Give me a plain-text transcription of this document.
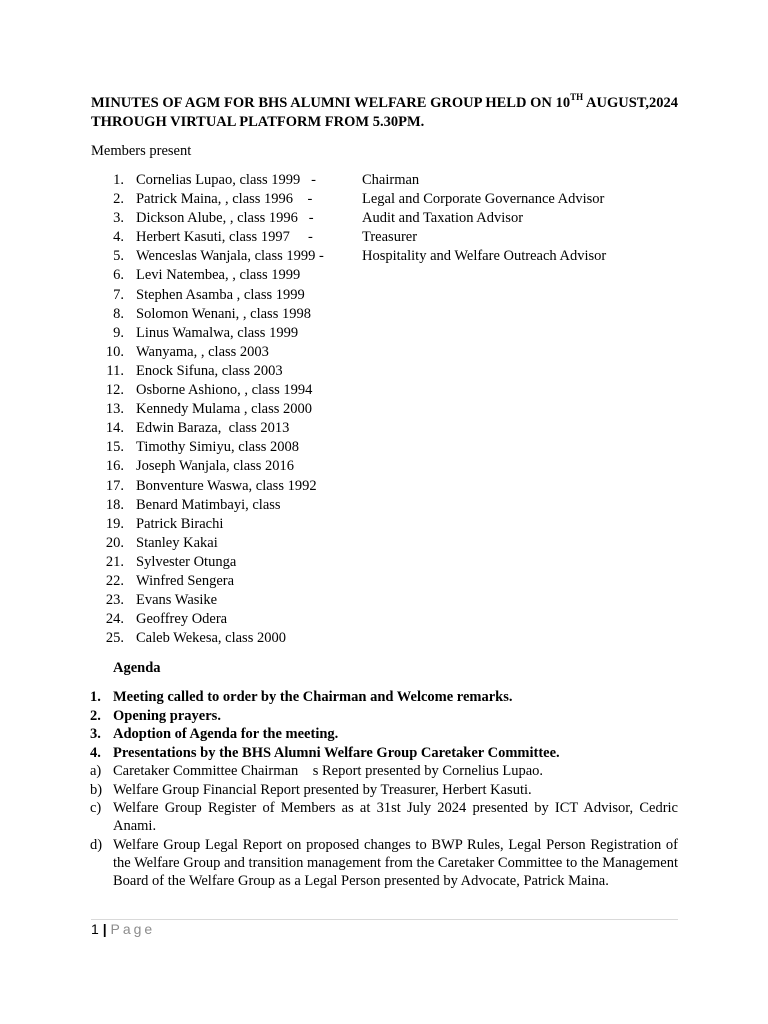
MINUTES OF AGM FOR BHS ALUMNI WELFARE GROUP HELD ON 10TH AUGUST,2024 THROUGH VIRTUAL PLATFORM FROM 5.30PM.
Members present
1. Cornelias Lupao, class 1999   -	Chairman
2. Patrick Maina, , class 1996    -	Legal and Corporate Governance Advisor
3. Dickson Alube, , class 1996   -	Audit and Taxation Advisor
4. Herbert Kasuti, class 1997     -	Treasurer
5. Wenceslas Wanjala, class 1999 -	Hospitality and Welfare Outreach Advisor
6. Levi Natembea, , class 1999
7. Stephen Asamba , class 1999
8. Solomon Wenani, , class 1998
9. Linus Wamalwa, class 1999
10. Wanyama, , class 2003
11. Enock Sifuna, class 2003
12. Osborne Ashiono, , class 1994
13. Kennedy Mulama , class 2000
14. Edwin Baraza,  class 2013
15. Timothy Simiyu, class 2008
16. Joseph Wanjala, class 2016
17. Bonventure Waswa, class 1992
18. Benard Matimbayi, class
19. Patrick Birachi
20. Stanley Kakai
21. Sylvester Otunga
22. Winfred Sengera
23. Evans Wasike
24. Geoffrey Odera
25. Caleb Wekesa, class 2000
Agenda
1. Meeting called to order by the Chairman and Welcome remarks.
2. Opening prayers.
3. Adoption of Agenda for the meeting.
4. Presentations by the BHS Alumni Welfare Group Caretaker Committee.
a) Caretaker Committee Chairman s Report presented by Cornelius Lupao.
b) Welfare Group Financial Report presented by Treasurer, Herbert Kasuti.
c) Welfare Group Register of Members as at 31st July 2024 presented by ICT Advisor, Cedric Anami.
d) Welfare Group Legal Report on proposed changes to BWP Rules, Legal Person Registration of the Welfare Group and transition management from the Caretaker Committee to the Management Board of the Welfare Group as a Legal Person presented by Advocate, Patrick Maina.
1 | Page
